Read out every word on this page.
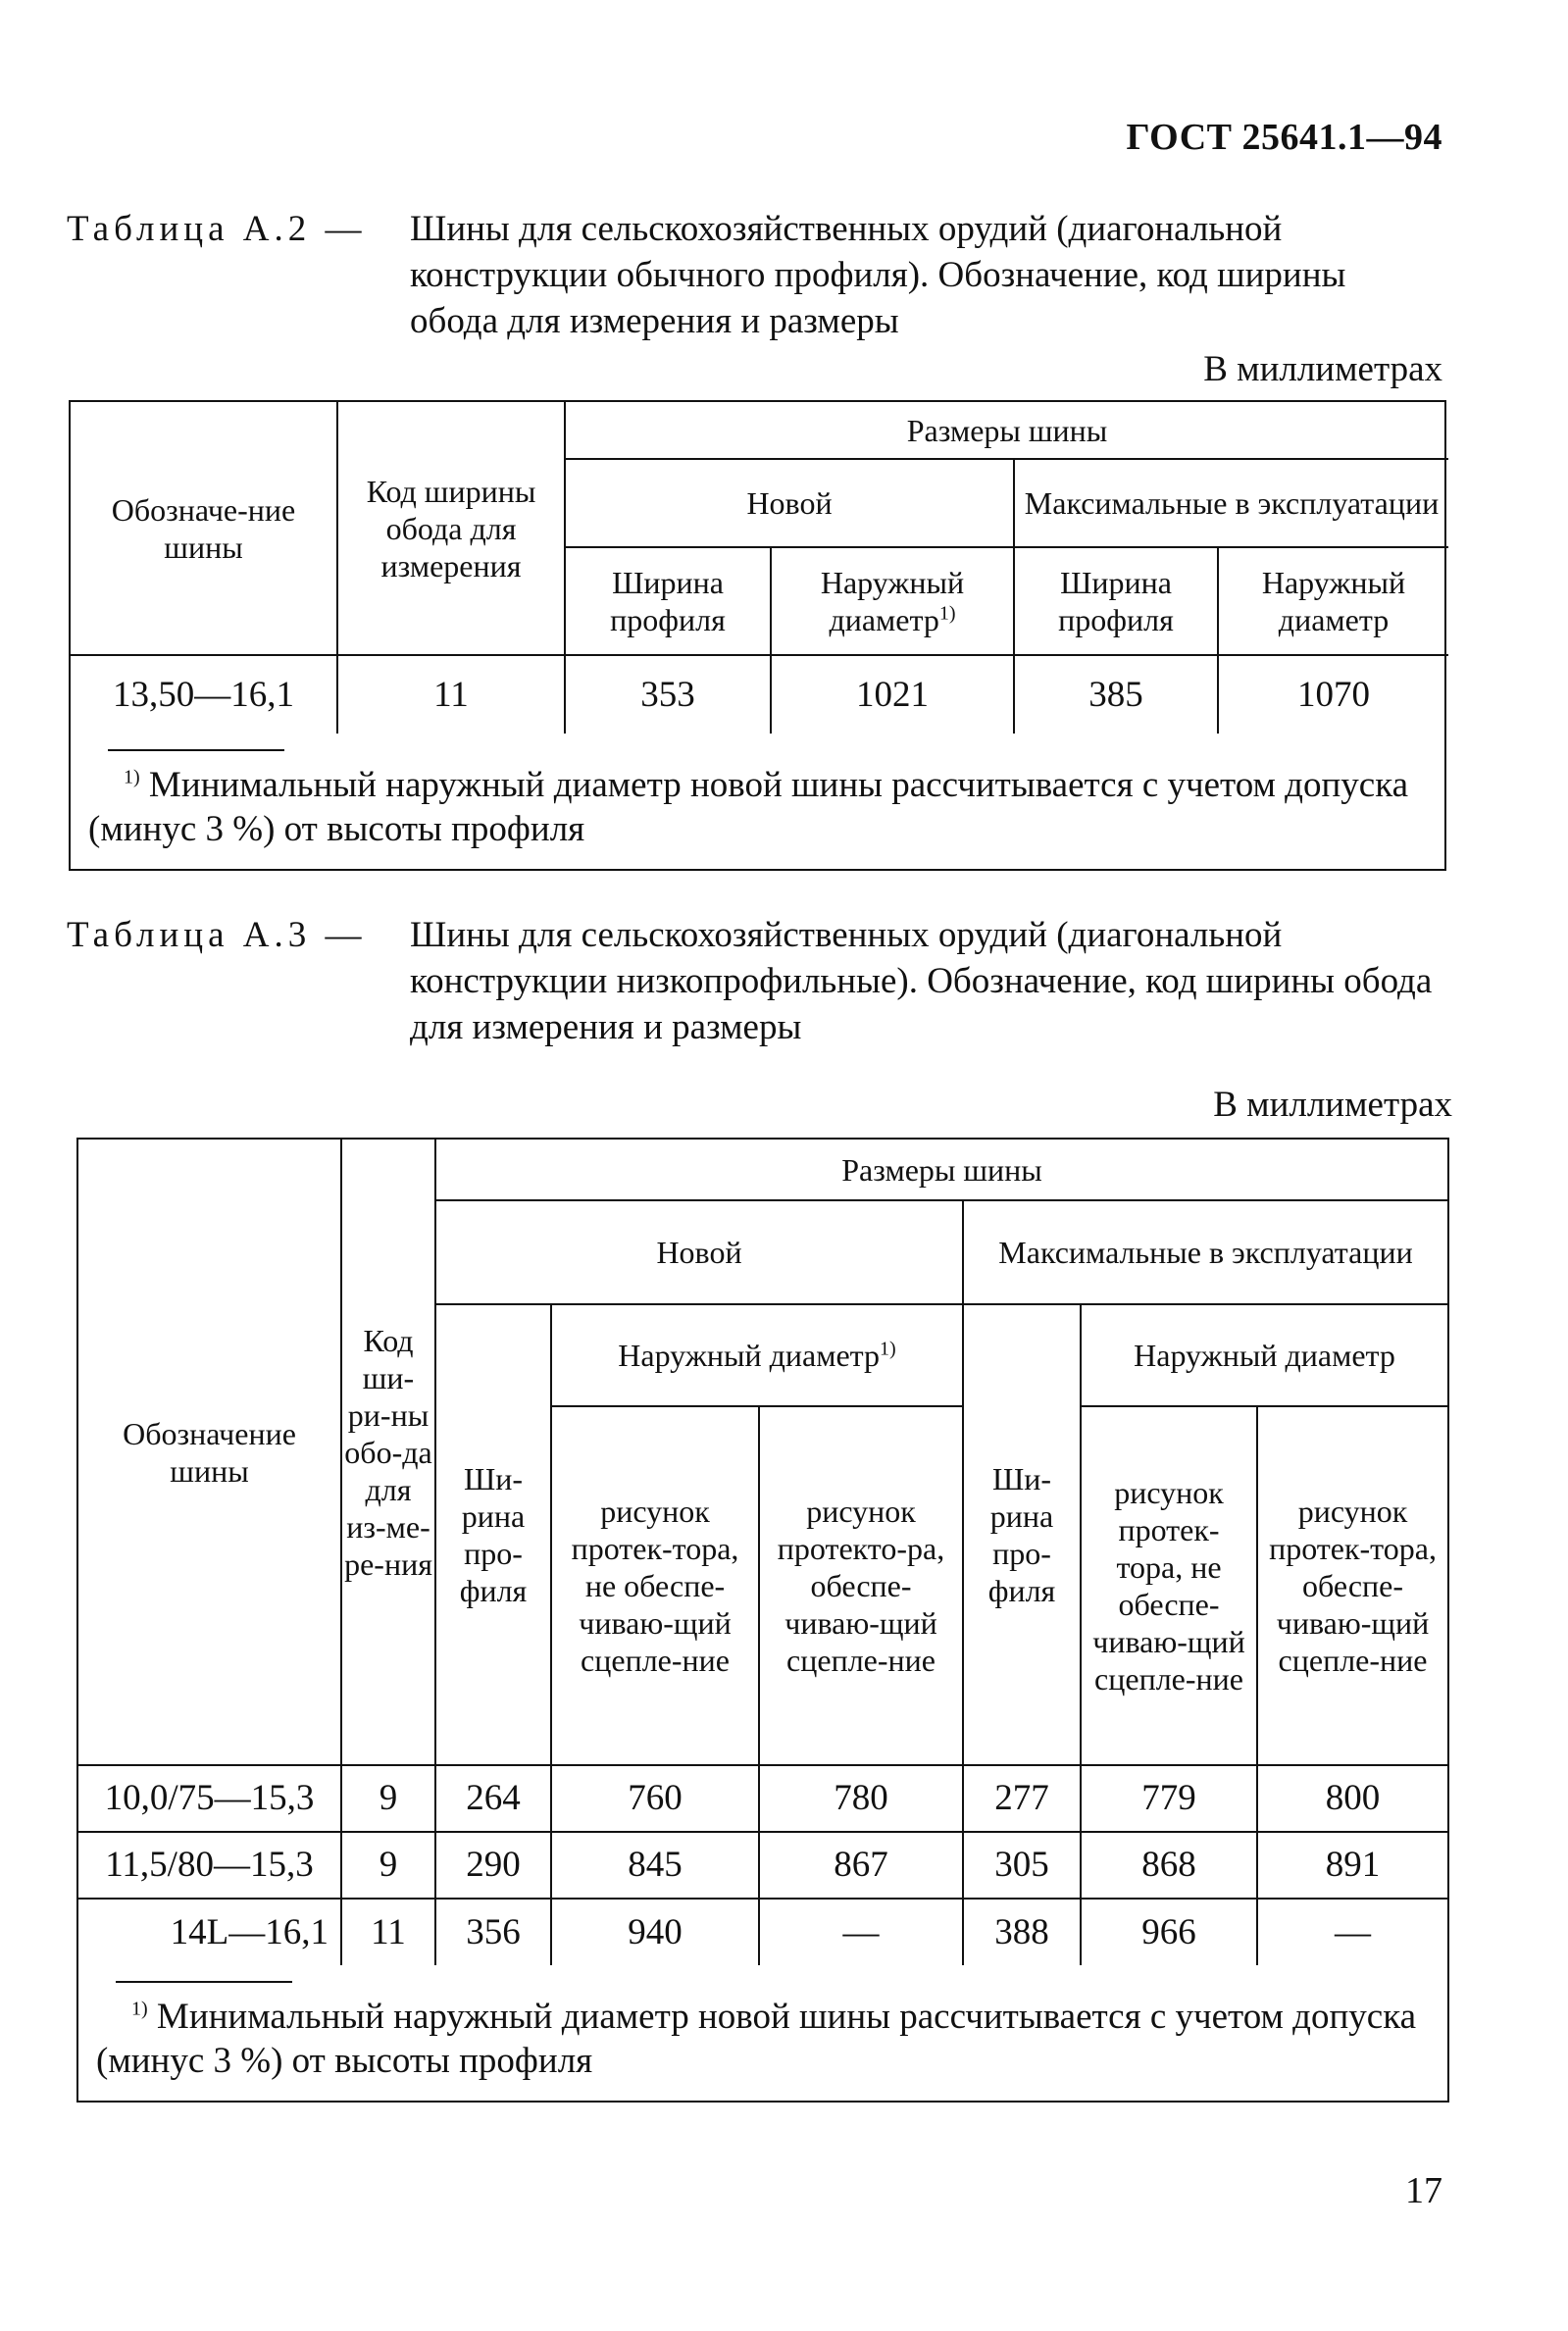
ГОСТ 25641.1—94
Таблица А.2 — Шины для сельскохозяйственных орудий (диагональной конструкции обычного профиля). Обозначение, код ширины обода для измерения и размеры
В миллиметрах
Обозначе-ние шины	Код ширины обода для измерения	Размеры шины			
		Новой		Максимальные в эксплуатации	
		Ширина профиля	Наружный диаметр$^{1)}$	Ширина профиля	Наружный диаметр
13,50—16,1	11	353	1021	385	1070
$^{1)}$ Минимальный наружный диаметр новой шины рассчитывается с учетом допуска (минус 3 %) от высоты профиля
Таблица А.3 — Шины для сельскохозяйственных орудий (диагональной конструкции низкопрофильные). Обозначение, код ширины обода для измерения и размеры
В миллиметрах
Обозначение шины	Код ши-ри-ны обо-да для из-ме-ре-ния	Размеры шины					
		Новой			Максимальные в эксплуатации		
		Ши-рина про-филя	Наружный диаметр$^{1)}$		Ши-рина про-филя	Наружный диаметр	
			рисунок протек-тора, не обеспе-чиваю-щий сцепле-ние	рисунок протекто-ра, обеспе-чиваю-щий сцепле-ние		рисунок протек-тора, не обеспе-чиваю-щий сцепле-ние	рисунок протек-тора, обеспе-чиваю-щий сцепле-ние
10,0/75—15,3	9	264	760	780	277	779	800
11,5/80—15,3	9	290	845	867	305	868	891
14L—16,1	11	356	940	—	388	966	—
$^{1)}$ Минимальный наружный диаметр новой шины рассчитывается с учетом допуска (минус 3 %) от высоты профиля
17
